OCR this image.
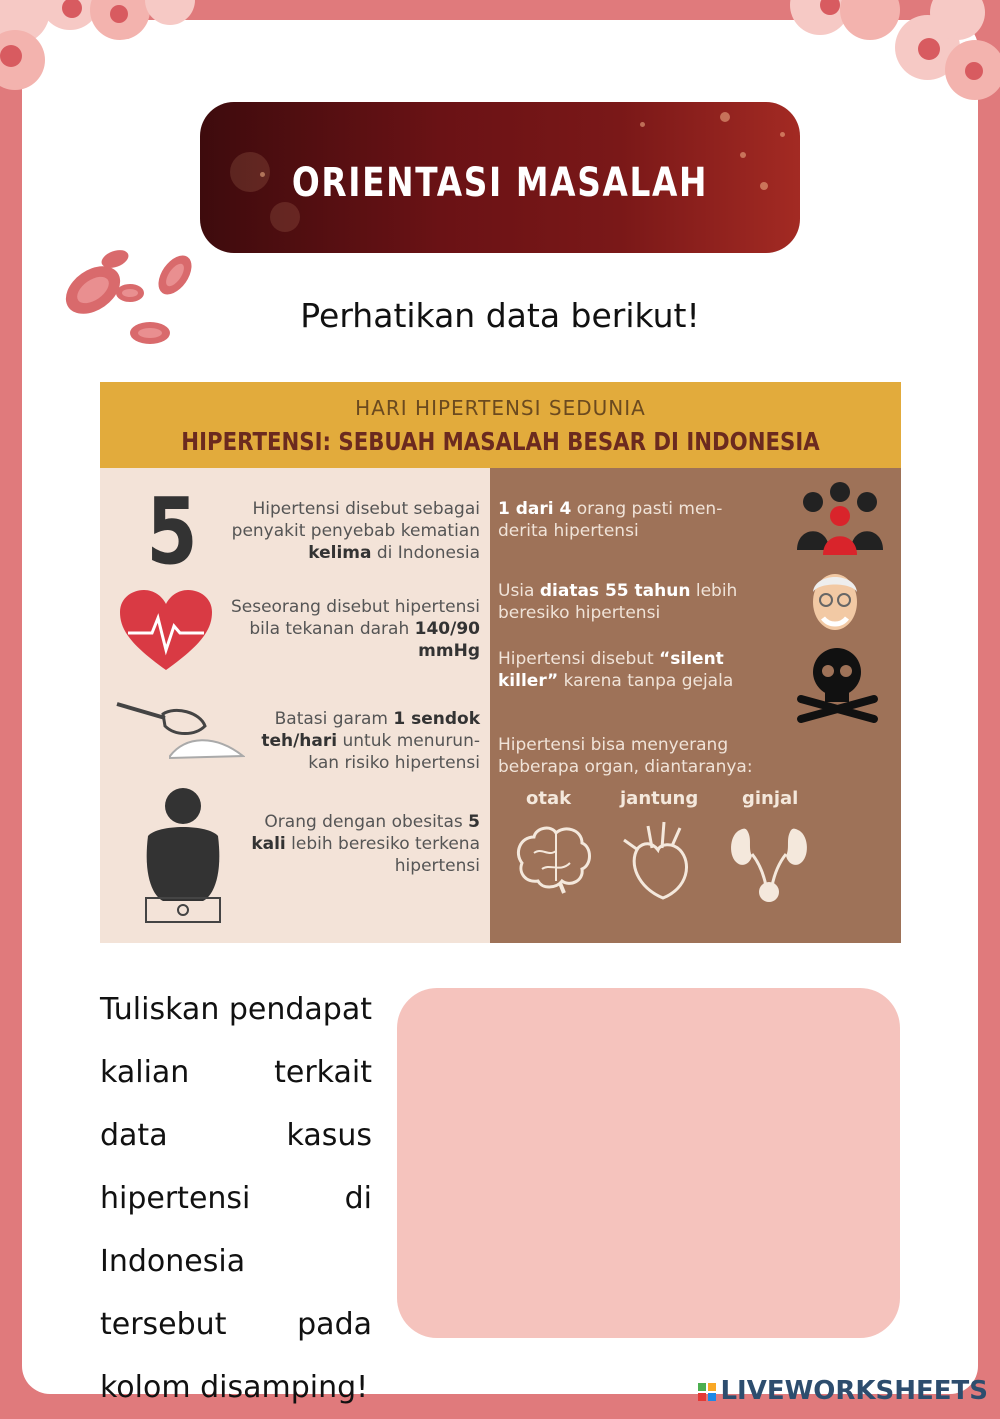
ORIENTASI MASALAH
Perhatikan data berikut!
HARI HIPERTENSI SEDUNIA
HIPERTENSI: SEBUAH MASALAH BESAR DI INDONESIA
5	Hipertensi disebut sebagai penyakit penyebab kematian kelima di Indonesia
Seseorang disebut hipertensi bila tekanan darah 140/90 mmHg
Batasi garam 1 sendok teh/hari untuk menurun-kan risiko hipertensi
Orang dengan obesitas 5 kali lebih beresiko terkena hipertensi
1 dari 4 orang pasti men-derita hipertensi
Usia diatas 55 tahun lebih beresiko hipertensi
Hipertensi disebut “silent killer” karena tanpa gejala
Hipertensi bisa menyerang beberapa organ, diantaranya:
otak	jantung ginjal
Tuliskan pendapat kalian terkait data kasus hipertensi di Indonesia tersebut pada kolom disamping!	LIVEWORKSHEETS
